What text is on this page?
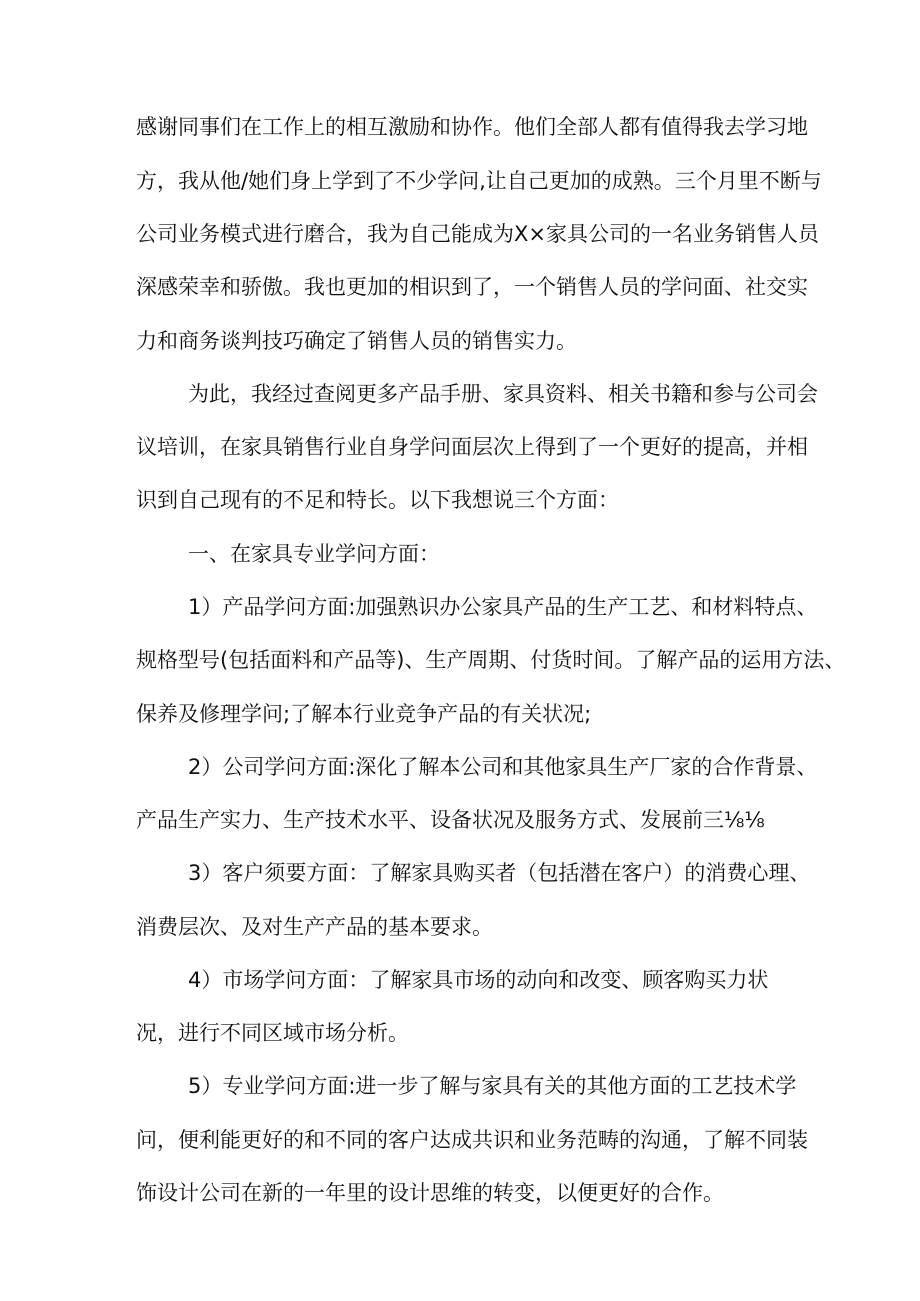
感谢同事们在工作上的相互激励和协作。他们全部人都有值得我去学习地

方，我从他/她们身上学到了不少学问,让自己更加的成熟。三个月里不断与

公司业务模式进行磨合，我为自己能成为X×家具公司的一名业务销售人员

深感荣幸和骄傲。我也更加的相识到了，一个销售人员的学问面、社交实

力和商务谈判技巧确定了销售人员的销售实力。

为此，我经过查阅更多产品手册、家具资料、相关书籍和参与公司会

议培训，在家具销售行业自身学问面层次上得到了一个更好的提高，并相

识到自己现有的不足和特长。以下我想说三个方面：

一、在家具专业学问方面：

1）产品学问方面:加强熟识办公家具产品的生产工艺、和材料特点、

规格型号(包括面料和产品等)、生产周期、付货时间。了解产品的运用方法、

保养及修理学问;了解本行业竞争产品的有关状况;

2）公司学问方面:深化了解本公司和其他家具生产厂家的合作背景、

产品生产实力、生产技术水平、设备状况及服务方式、发展前三⅛⅛

3）客户须要方面：了解家具购买者（包括潜在客户）的消费心理、

消费层次、及对生产产品的基本要求。

4）市场学问方面：了解家具市场的动向和改变、顾客购买力状

况，进行不同区域市场分析。

5）专业学问方面:进一步了解与家具有关的其他方面的工艺技术学

问，便利能更好的和不同的客户达成共识和业务范畴的沟通，了解不同装

饰设计公司在新的一年里的设计思维的转变，以便更好的合作。
